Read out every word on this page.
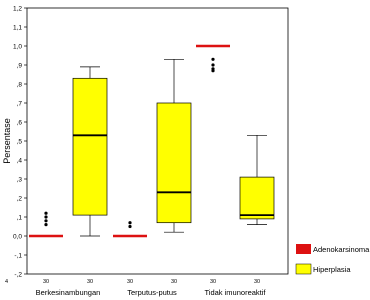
-,2
-,1
0,0
,1
,2
,3
,4
,5
,6
,7
,8
,9
1,0
1,1
1,2
30	30
Berkesinambungan
30	30
Terputus-putus
30	30
Tidak imunoreaktif
Persentase
4
Adenokarsinoma
Hiperplasia
